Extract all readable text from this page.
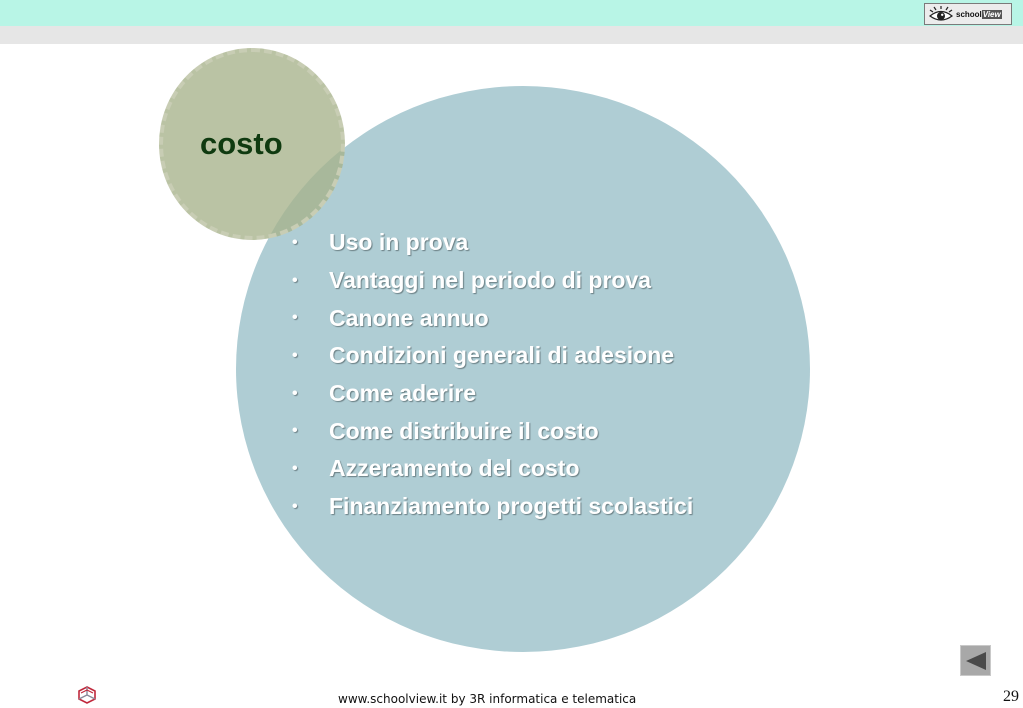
schoolView
costo
•	Uso in prova
•	Vantaggi nel periodo di prova
•	Canone annuo
•	Condizioni generali di adesione
•	Come aderire
•	Come distribuire il costo
•	Azzeramento del costo
•	Finanziamento progetti scolastici
www.schoolview.it by 3R informatica e telematica	29
